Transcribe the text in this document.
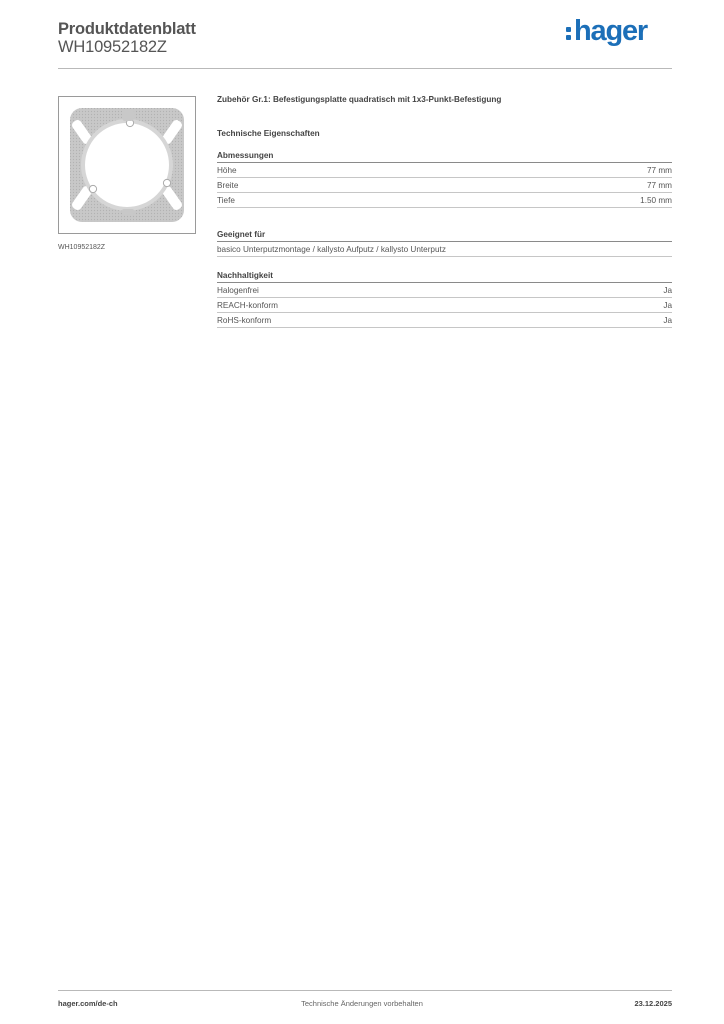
Produktdatenblatt
WH10952182Z
hager
WH10952182Z

Zubehör Gr.1: Befestigungsplatte quadratisch mit 1x3-Punkt-Befestigung

Technische Eigenschaften

Abmessungen

Höhe	77 mm
Breite	77 mm
Tiefe	1.50 mm

Geeignet für

basico Unterputzmontage / kallysto Aufputz / kallysto Unterputz

Nachhaltigkeit

Halogenfrei	Ja
REACH-konform	Ja
RoHS-konform	Ja
hager.com/de-ch	Technische Änderungen vorbehalten	23.12.2025
